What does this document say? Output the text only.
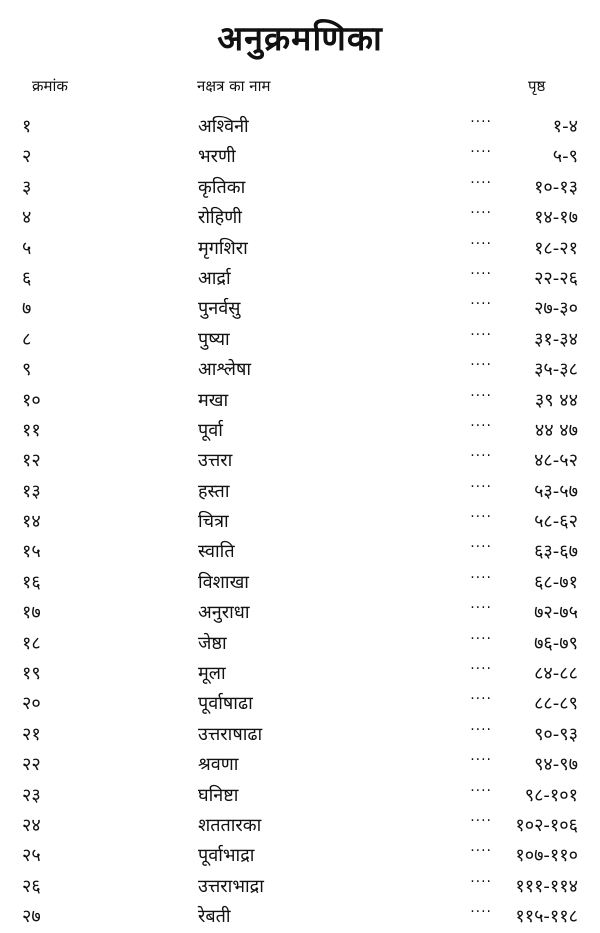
अनुक्रमणिका
क्रमांक	नक्षत्र का नाम	पृष्ठ
१	अश्विनी	····	१-४
२	भरणी	····	५-९
३	कृतिका	····	१०-१३
४	रोहिणी	····	१४-१७
५	मृगशिरा	····	१८-२१
६	आर्द्रा	····	२२-२६
७	पुनर्वसु	····	२७-३०
८	पुष्या	····	३१-३४
९	आश्लेषा	····	३५-३८
१०	मखा	····	३९ ४४
११	पूर्वा	····	४४ ४७
१२	उत्तरा	····	४८-५२
१३	हस्ता	····	५३-५७
१४	चित्रा	····	५८-६२
१५	स्वाति	····	६३-६७
१६	विशाखा	····	६८-७१
१७	अनुराधा	····	७२-७५
१८	जेष्ठा	····	७६-७९
१९	मूला	····	८४-८८
२०	पूर्वाषाढा	····	८८-८९
२१	उत्तराषाढा	····	९०-९३
२२	श्रवणा	····	९४-९७
२३	घनिष्टा	····	९८-१०१
२४	शततारका	····	१०२-१०६
२५	पूर्वाभाद्रा	····	१०७-११०
२६	उत्तराभाद्रा	····	१११-११४
२७	रेबती	····	११५-११८
